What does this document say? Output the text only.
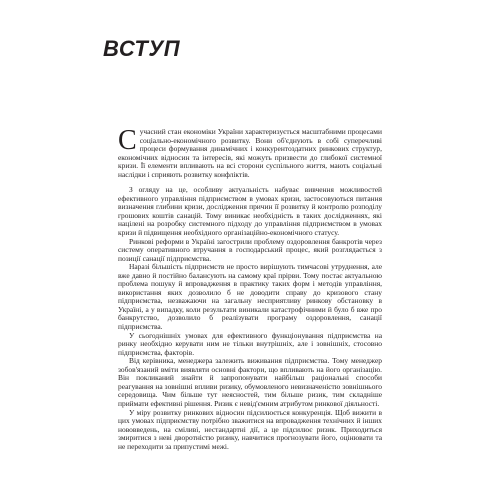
ВСТУП

Сучасний стан економіки України характеризується масштабними процесами соціально-економічного розвитку. Вони об'єднують в собі суперечливі процеси формування динамічних і конкурентоздатних ринкових структур, економічних відносин та інтересів, які можуть призвести до глибокої системної кризи. Її елементи впливають на всі сторони суспільного життя, мають соціальні наслідки і сприяють розвитку конфліктів.

З огляду на це, особливу актуальність набуває вивчення можливостей ефективного управління підприємством в умовах кризи, застосовуються питання визначення глибини кризи, дослідження причин її розвитку й контролю розподілу грошових коштів санацій. Тому виникає необхідність в таких дослідженнях, які націлені на розробку системного підходу до управління підприємством в умовах кризи й підвищення необхідного організаційно-економічного статусу.

Ринкові реформи в Україні загострили проблему оздоровлення банкротів через систему оперативного втручання в господарський процес, який розглядається з позиції санації підприємства.

Наразі більшість підприємств не просто вирішують тимчасові утруднення, але вже давно й постійно балансують на самому краї прірви. Тому постає актуальною проблема пошуку й впровадження в практику таких форм і методів управління, використання яких дозволило б не доводити справу до кризового стану підприємства, незважаючи на загальну несприятливу ринкову обстановку в Україні, а у випадку, коли результати виникали катастрофічними й було б вже про банкрутство, дозволило б реалізувати програму оздоровлення, санації підприємства.

У сьогоднішніх умовах для ефективного функціонування підприємства на ринку необхідно керувати ним не тільки внутрішніх, але і зовнішніх, стосовно підприємства, факторів.

Від керівника, менеджера залежить виживання підприємства. Тому менеджер зобов'язаний вміти виявляти основні фактори, що впливають на його організацію. Він покликаний знайти й запропонувати найбільш раціональні способи реагування на зовнішні впливи ризику, обумовленого невизначеністю зовнішнього середовища. Чим більше тут неясностей, тим більше ризик, тим складніше приймати ефективні рішення. Ризик є невід'ємним атрибутом ринкової діяльності.

У міру розвитку ринкових відносин підсилюється конкуренція. Щоб вижити в цих умовах підприємству потрібно зважитися на впровадження технічних й інших нововведень, на сміливі, нестандартні дії, а це підсилює ризик. Приходиться змиритися з неві дворотністю ризику, навчитися прогнозувати його, оцінювати та не переходити за припустимі межі.
